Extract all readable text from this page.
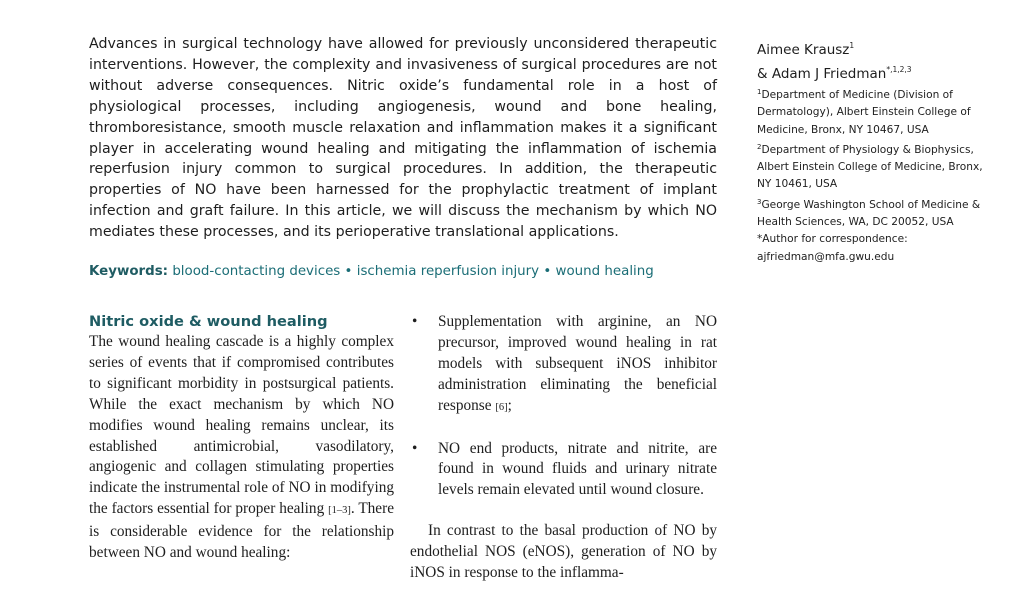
Advances in surgical technology have allowed for previously unconsidered therapeutic interventions. However, the complexity and invasiveness of surgical procedures are not without adverse consequences. Nitric oxide’s fundamental role in a host of physiological processes, including angiogenesis, wound and bone healing, thromboresistance, smooth muscle relaxation and inflammation makes it a significant player in accelerating wound healing and mitigating the inflammation of ischemia reperfusion injury common to surgical procedures. In addition, the therapeutic properties of NO have been harnessed for the prophylactic treatment of implant infection and graft failure. In this article, we will discuss the mechanism by which NO mediates these processes, and its perioperative translational applications.

Aimee Krausz$^1$

& Adam J Friedman$^{*,1,2,3}$

$^1$Department of Medicine (Division of Dermatology), Albert Einstein College of Medicine, Bronx, NY 10467, USA

$^2$Department of Physiology & Biophysics, Albert Einstein College of Medicine, Bronx, NY 10461, USA

$^3$George Washington School of Medicine & Health Sciences, WA, DC 20052, USA

*Author for correspondence:

ajfriedman@mfa.gwu.edu

Keywords: blood-contacting devices • ischemia reperfusion injury • wound healing

Nitric oxide & wound healing

The wound healing cascade is a highly complex series of events that if compromised contributes to significant morbidity in postsurgical patients. While the exact mechanism by which NO modifies wound healing remains unclear, its established antimicrobial, vasodilatory, angiogenic and collagen stimulating properties indicate the instrumental role of NO in modifying the factors essential for proper healing [1–3]. There is considerable evidence for the relationship between NO and wound healing:

• Supplementation with arginine, an NO precursor, improved wound healing in rat models with subsequent iNOS inhibitor administration eliminating the beneficial response [6];

• NO end products, nitrate and nitrite, are found in wound fluids and urinary nitrate levels remain elevated until wound closure.

In contrast to the basal production of NO by endothelial NOS (eNOS), generation of NO by iNOS in response to the inflamma-
